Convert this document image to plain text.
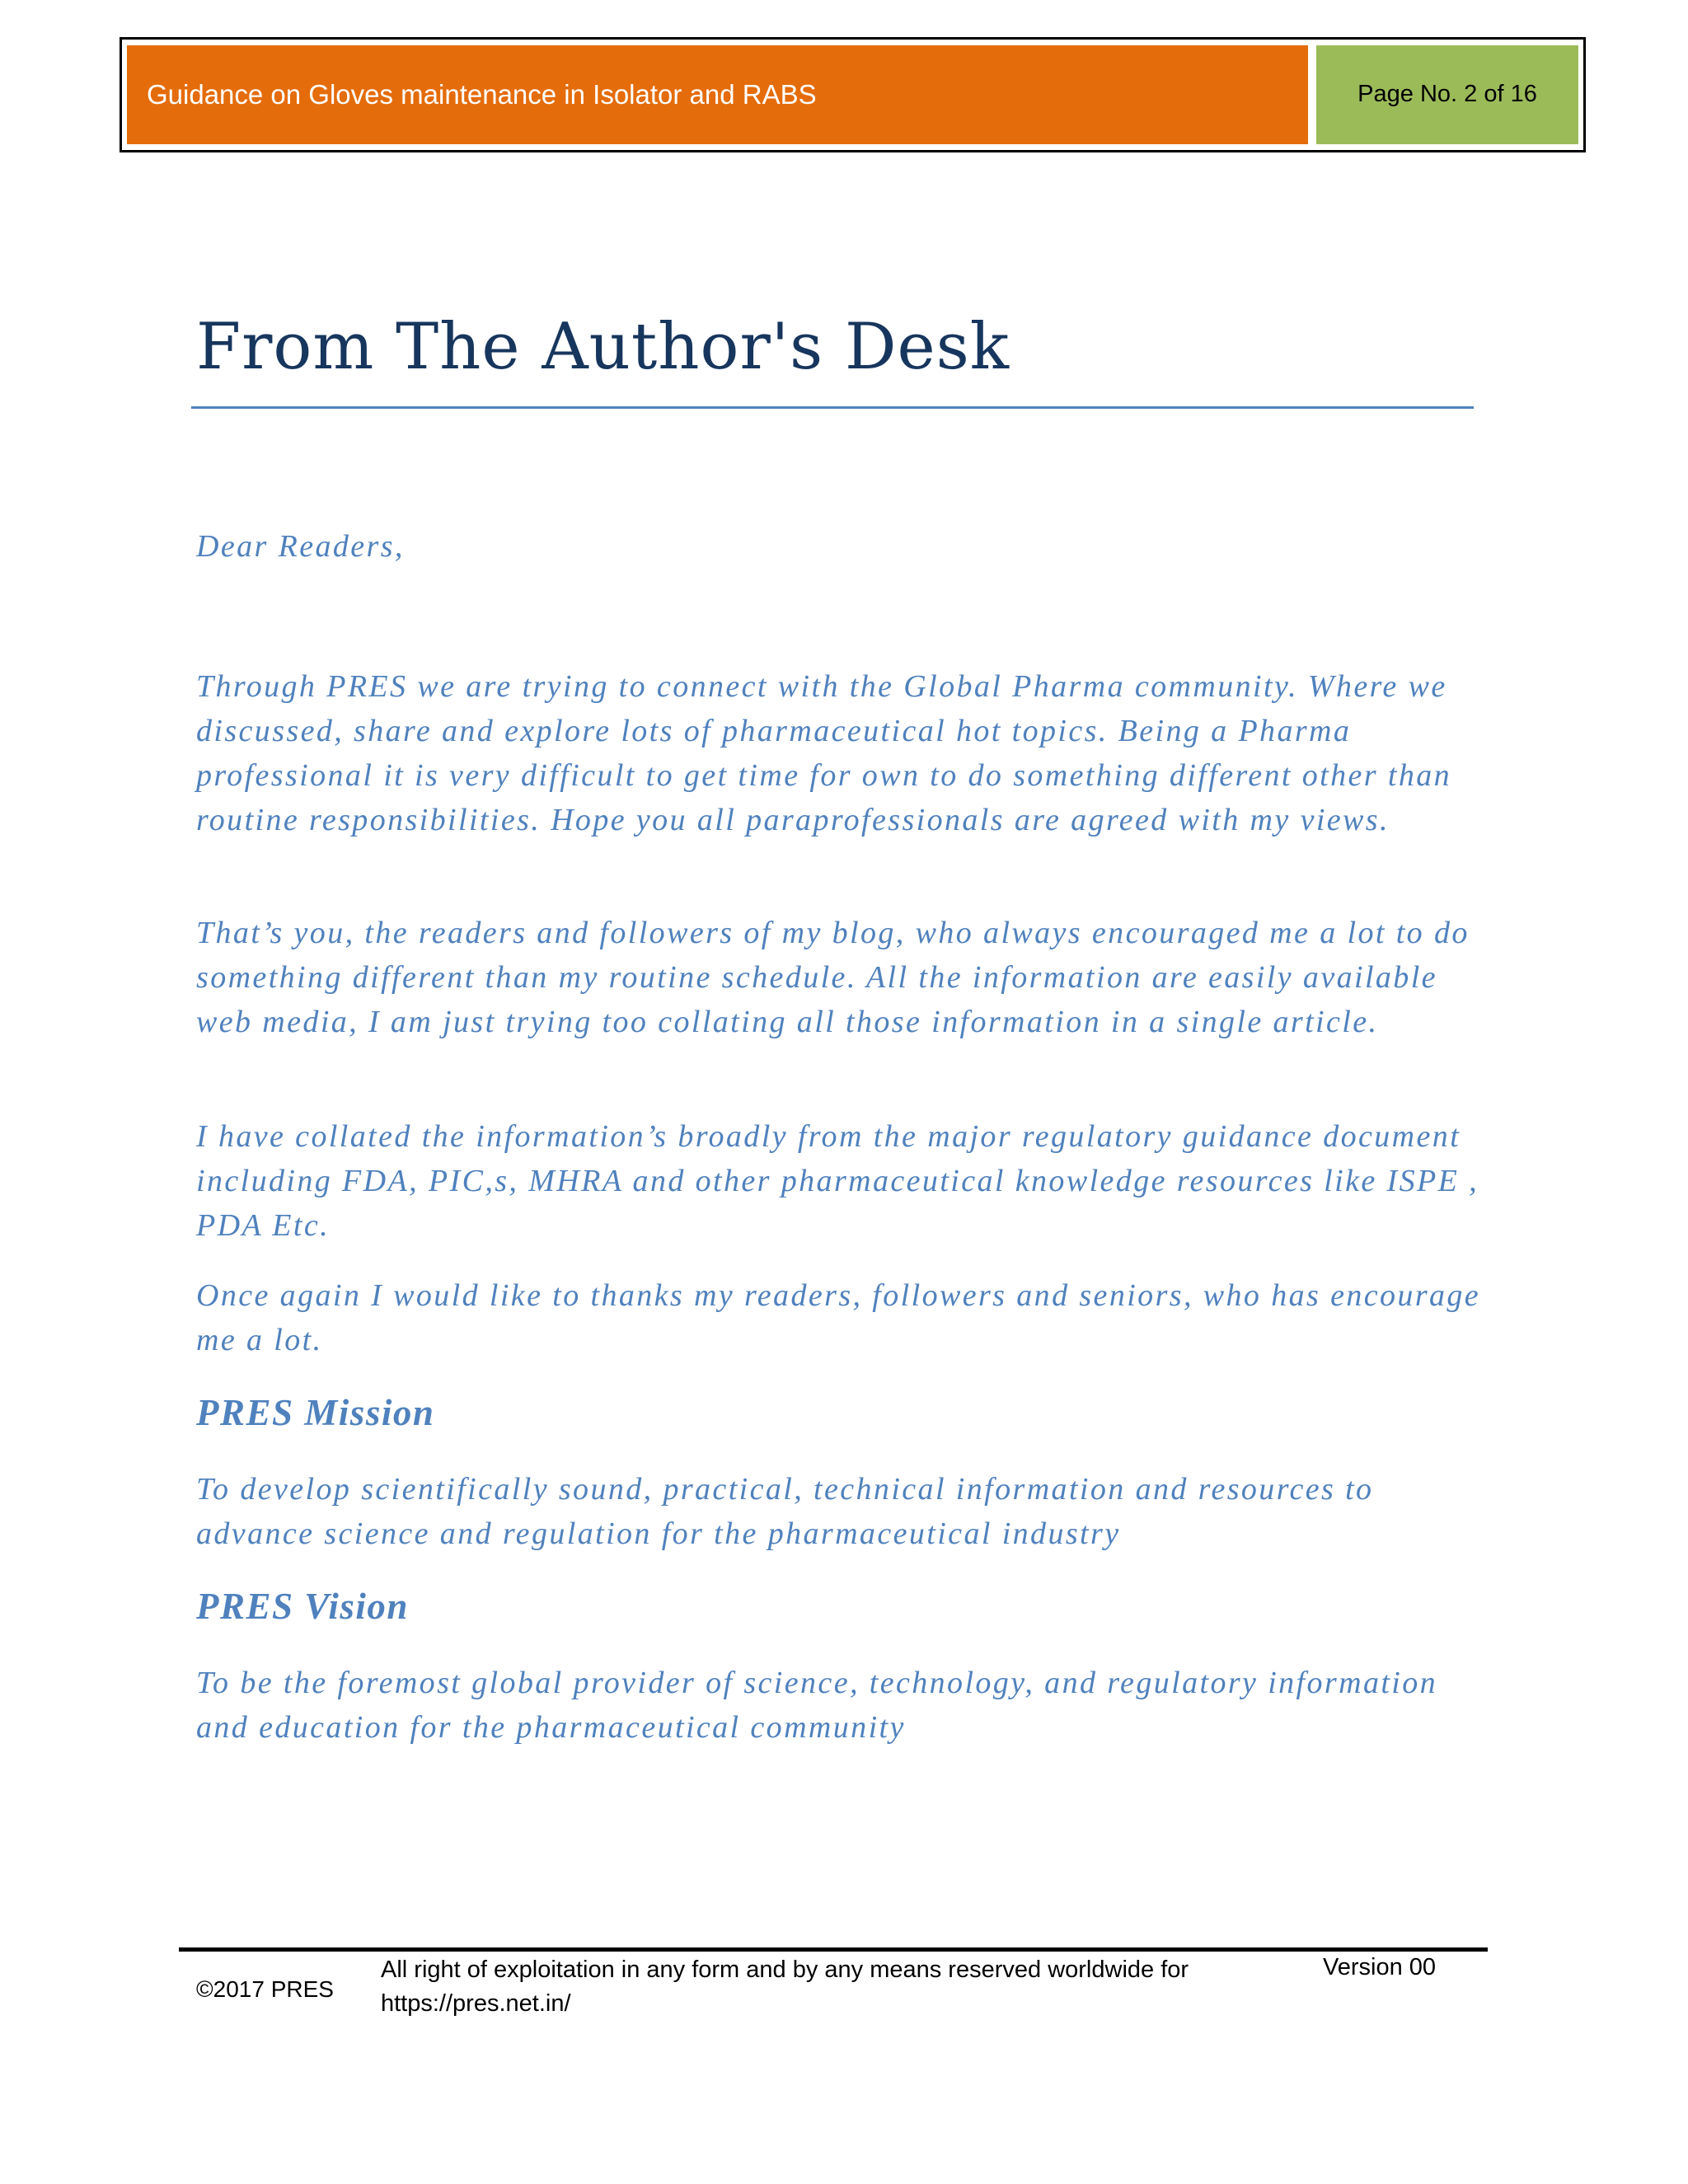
Guidance on Gloves maintenance in Isolator and RABS	Page No. 2 of 16
From The Author's Desk

Dear Readers,

Through PRES we are trying to connect with the Global Pharma community. Where we discussed, share and explore lots of pharmaceutical hot topics. Being a Pharma professional it is very difficult to get time for own to do something different other than routine responsibilities. Hope you all paraprofessionals are agreed with my views.

That’s you, the readers and followers of my blog, who always encouraged me a lot to do something different than my routine schedule. All the information are easily available web media, I am just trying too collating all those information in a single article.

I have collated the information’s broadly from the major regulatory guidance document including FDA, PIC,s, MHRA and other pharmaceutical knowledge resources like ISPE , PDA Etc.

Once again I would like to thanks my readers, followers and seniors, who has encourage me a lot.

PRES Mission

To develop scientifically sound, practical, technical information and resources to advance science and regulation for the pharmaceutical industry

PRES Vision

To be the foremost global provider of science, technology, and regulatory information and education for the pharmaceutical community

©2017 PRES
All right of exploitation in any form and by any means reserved worldwide for https://pres.net.in/
Version 00
